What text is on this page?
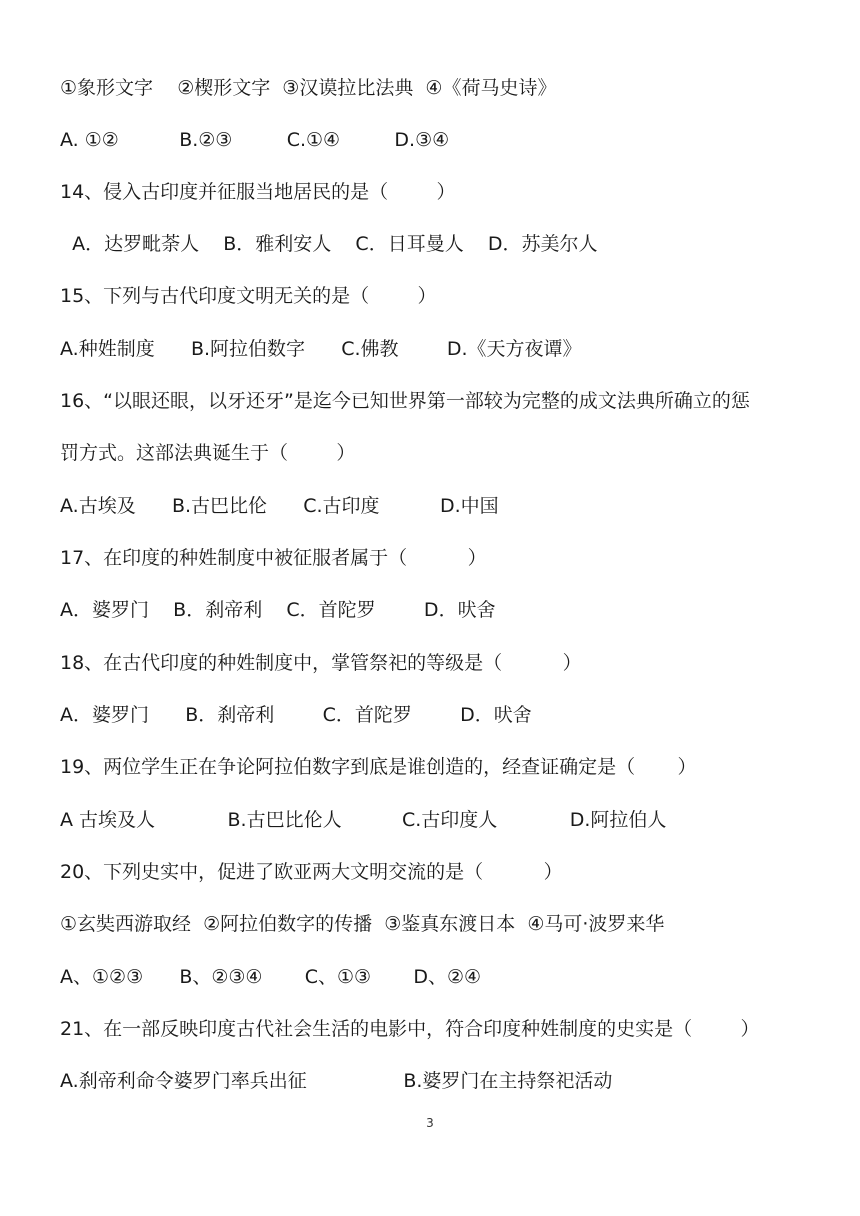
①象形文字    ②楔形文字  ③汉谟拉比法典  ④《荷马史诗》
A. ①②          B.②③         C.①④         D.③④
14、侵入古印度并征服当地居民的是（        ）
A．达罗毗荼人    B．雅利安人    C．日耳曼人    D．苏美尔人
15、下列与古代印度文明无关的是（        ）
A.种姓制度      B.阿拉伯数字      C.佛教        D.《天方夜谭》
16、“以眼还眼，以牙还牙”是迄今已知世界第一部较为完整的成文法典所确立的惩
罚方式。这部法典诞生于（        ）
A.古埃及      B.古巴比伦      C.古印度          D.中国
17、在印度的种姓制度中被征服者属于（          ）
A．婆罗门    B．刹帝利    C．首陀罗        D．吠舍
18、在古代印度的种姓制度中，掌管祭祀的等级是（          ）
A．婆罗门      B．刹帝利        C．首陀罗        D．吠舍
19、两位学生正在争论阿拉伯数字到底是谁创造的，经查证确定是（       ）
A 古埃及人            B.古巴比伦人          C.古印度人            D.阿拉伯人
20、下列史实中，促进了欧亚两大文明交流的是（          ）
①玄奘西游取经  ②阿拉伯数字的传播  ③鉴真东渡日本  ④马可·波罗来华
A、①②③      B、②③④       C、①③       D、②④
21、在一部反映印度古代社会生活的电影中，符合印度种姓制度的史实是（        ）
A.刹帝利命令婆罗门率兵出征                B.婆罗门在主持祭祀活动
3
